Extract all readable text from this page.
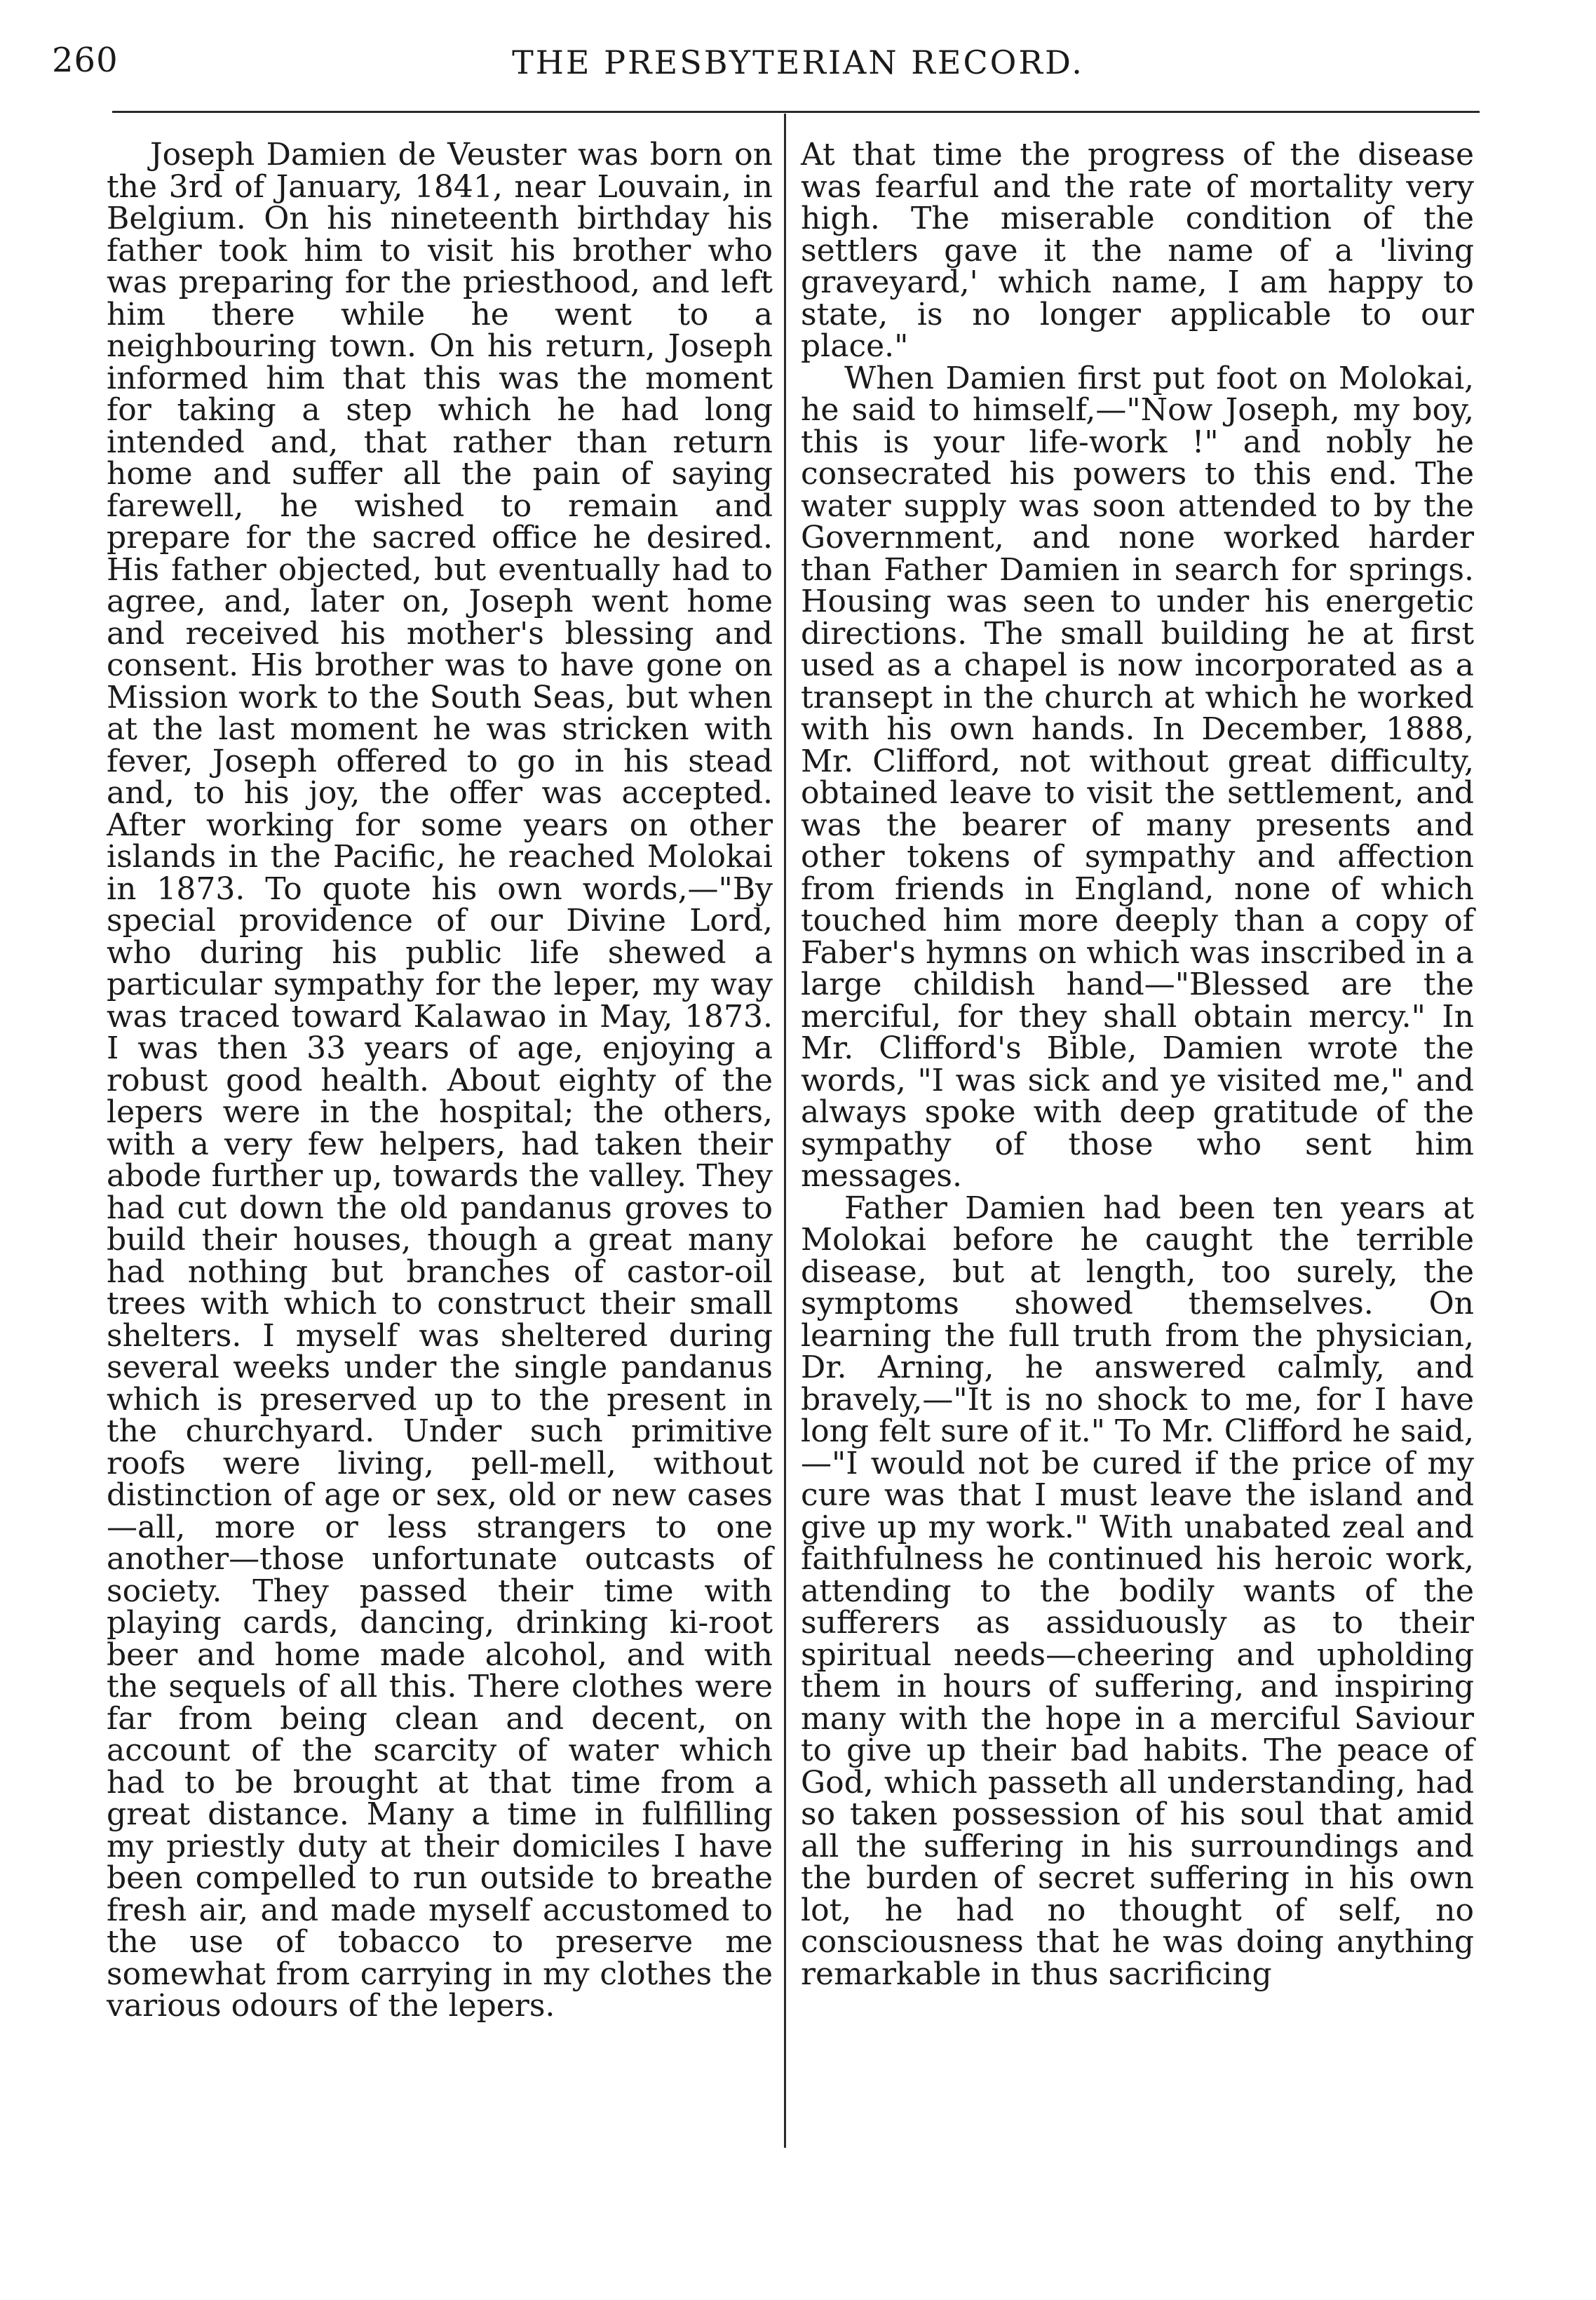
260	THE PRESBYTERIAN RECORD.

Joseph Damien de Veuster was born on the 3rd of January, 1841, near Louvain, in Belgium. On his nineteenth birthday his father took him to visit his brother who was preparing for the priesthood, and left him there while he went to a neighbouring town. On his return, Joseph informed him that this was the moment for taking a step which he had long intended and, that rather than return home and suffer all the pain of saying farewell, he wished to remain and prepare for the sacred office he desired. His father objected, but eventually had to agree, and, later on, Joseph went home and received his mother's blessing and consent. His brother was to have gone on Mission work to the South Seas, but when at the last moment he was stricken with fever, Joseph offered to go in his stead and, to his joy, the offer was accepted. After working for some years on other islands in the Pacific, he reached Molokai in 1873. To quote his own words,—"By special providence of our Divine Lord, who during his public life shewed a particular sympathy for the leper, my way was traced toward Kalawao in May, 1873. I was then 33 years of age, enjoying a robust good health. About eighty of the lepers were in the hospital; the others, with a very few helpers, had taken their abode further up, towards the valley. They had cut down the old pandanus groves to build their houses, though a great many had nothing but branches of castor-oil trees with which to construct their small shelters. I myself was sheltered during several weeks under the single pandanus which is preserved up to the present in the churchyard. Under such primitive roofs were living, pell-mell, without distinction of age or sex, old or new cases—all, more or less strangers to one another—those unfortunate outcasts of society. They passed their time with playing cards, dancing, drinking ki-root beer and home made alcohol, and with the sequels of all this. There clothes were far from being clean and decent, on account of the scarcity of water which had to be brought at that time from a great distance. Many a time in fulfilling my priestly duty at their domiciles I have been compelled to run outside to breathe fresh air, and made myself accustomed to the use of tobacco to preserve me somewhat from carrying in my clothes the various odours of the lepers.

At that time the progress of the disease was fearful and the rate of mortality very high. The miserable condition of the settlers gave it the name of a 'living graveyard,' which name, I am happy to state, is no longer applicable to our place."

When Damien first put foot on Molokai, he said to himself,—"Now Joseph, my boy, this is your life-work !" and nobly he consecrated his powers to this end. The water supply was soon attended to by the Government, and none worked harder than Father Damien in search for springs. Housing was seen to under his energetic directions. The small building he at first used as a chapel is now incorporated as a transept in the church at which he worked with his own hands. In December, 1888, Mr. Clifford, not without great difficulty, obtained leave to visit the settlement, and was the bearer of many presents and other tokens of sympathy and affection from friends in England, none of which touched him more deeply than a copy of Faber's hymns on which was inscribed in a large childish hand—"Blessed are the merciful, for they shall obtain mercy." In Mr. Clifford's Bible, Damien wrote the words, "I was sick and ye visited me," and always spoke with deep gratitude of the sympathy of those who sent him messages.

Father Damien had been ten years at Molokai before he caught the terrible disease, but at length, too surely, the symptoms showed themselves. On learning the full truth from the physician, Dr. Arning, he answered calmly, and bravely,—"It is no shock to me, for I have long felt sure of it." To Mr. Clifford he said,—"I would not be cured if the price of my cure was that I must leave the island and give up my work." With unabated zeal and faithfulness he continued his heroic work, attending to the bodily wants of the sufferers as assiduously as to their spiritual needs—cheering and upholding them in hours of suffering, and inspiring many with the hope in a merciful Saviour to give up their bad habits. The peace of God, which passeth all understanding, had so taken possession of his soul that amid all the suffering in his surroundings and the burden of secret suffering in his own lot, he had no thought of self, no consciousness that he was doing anything remarkable in thus sacrificing
